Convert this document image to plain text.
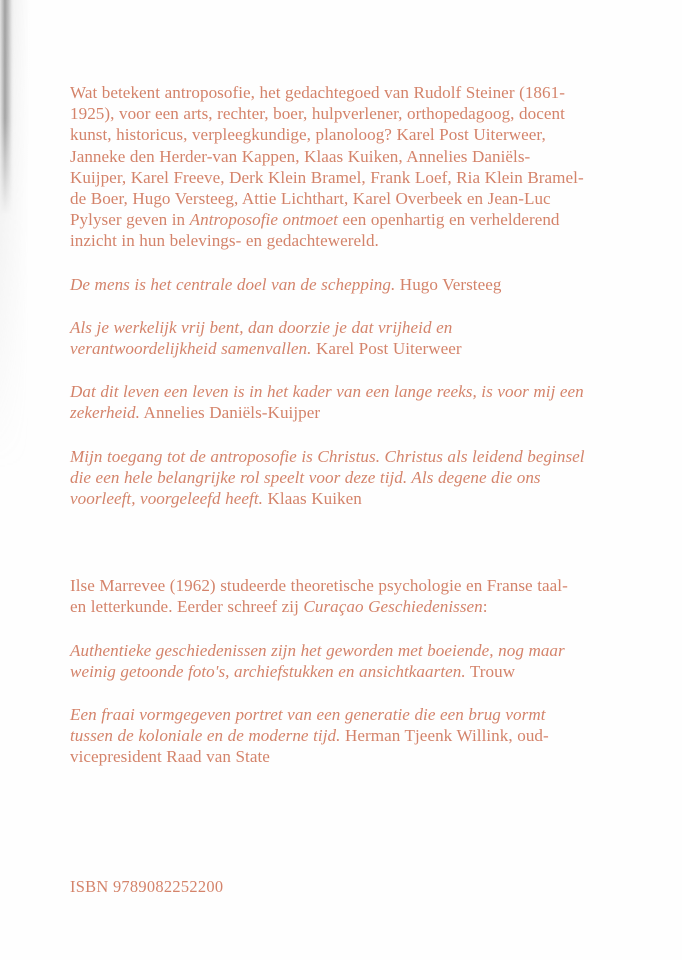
Wat betekent antroposofie, het gedachtegoed van Rudolf Steiner (1861-1925), voor een arts, rechter, boer, hulpverlener, orthopedagoog, docent kunst, historicus, verpleegkundige, planoloog? Karel Post Uiterweer, Janneke den Herder-van Kappen, Klaas Kuiken, Annelies Daniëls-Kuijper, Karel Freeve, Derk Klein Bramel, Frank Loef, Ria Klein Bramel-de Boer, Hugo Versteeg, Attie Lichthart, Karel Overbeek en Jean-Luc Pylyser geven in Antroposofie ontmoet een openhartig en verhelderend inzicht in hun belevings- en gedachtewereld.

De mens is het centrale doel van de schepping. Hugo Versteeg

Als je werkelijk vrij bent, dan doorzie je dat vrijheid en verantwoordelijkheid samenvallen. Karel Post Uiterweer

Dat dit leven een leven is in het kader van een lange reeks, is voor mij een zekerheid. Annelies Daniëls-Kuijper

Mijn toegang tot de antroposofie is Christus. Christus als leidend beginsel die een hele belangrijke rol speelt voor deze tijd. Als degene die ons voorleeft, voorgeleefd heeft. Klaas Kuiken

Ilse Marrevee (1962) studeerde theoretische psychologie en Franse taal- en letterkunde. Eerder schreef zij Curaçao Geschiedenissen:

Authentieke geschiedenissen zijn het geworden met boeiende, nog maar weinig getoonde foto's, archiefstukken en ansichtkaarten. Trouw

Een fraai vormgegeven portret van een generatie die een brug vormt tussen de koloniale en de moderne tijd. Herman Tjeenk Willink, oud-vicepresident Raad van State

ISBN 9789082252200
